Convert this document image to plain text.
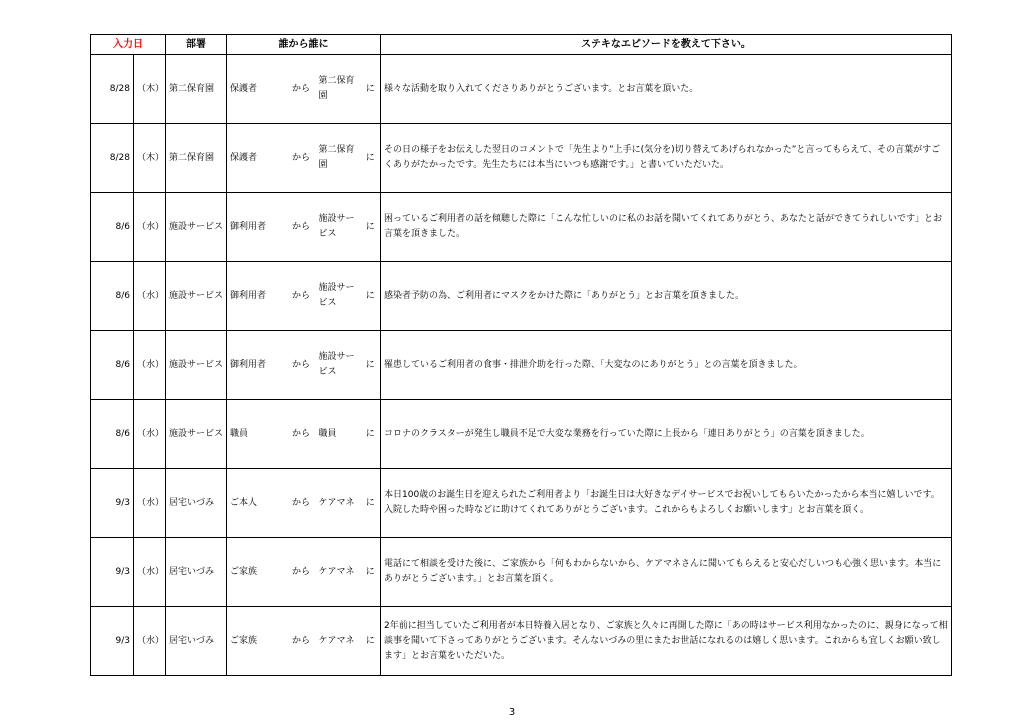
入力日		部署	誰から誰に				ステキなエピソードを教えて下さい。
8/28	（木）	第二保育園	保護者	から	第二保育園	に	様々な活動を取り入れてくださりありがとうございます。とお言葉を頂いた。
8/28	（木）	第二保育園	保護者	から	第二保育園	に	その日の様子をお伝えした翌日のコメントで「先生より”上手に(気分を)切り替えてあげられなかった”と言ってもらえて、その言葉がすごくありがたかったです。先生たちには本当にいつも感謝です。」と書いていただいた。
8/6	（水）	施設サービス	御利用者	から	施設サービス	に	困っているご利用者の話を傾聴した際に「こんな忙しいのに私のお話を聞いてくれてありがとう、あなたと話ができてうれしいです」とお言葉を頂きました。
8/6	（水）	施設サービス	御利用者	から	施設サービス	に	感染者予防の為、ご利用者にマスクをかけた際に「ありがとう」とお言葉を頂きました。
8/6	（水）	施設サービス	御利用者	から	施設サービス	に	罹患しているご利用者の食事・排泄介助を行った際、「大変なのにありがとう」との言葉を頂きました。
8/6	（水）	施設サービス	職員	から	職員	に	コロナのクラスターが発生し職員不足で大変な業務を行っていた際に上長から「連日ありがとう」の言葉を頂きました。
9/3	（水）	居宅いづみ	ご本人	から	ケアマネ	に	本日100歳のお誕生日を迎えられたご利用者より「お誕生日は大好きなデイサービスでお祝いしてもらいたかったから本当に嬉しいです。入院した時や困った時などに助けてくれてありがとうございます。これからもよろしくお願いします」とお言葉を頂く。
9/3	（水）	居宅いづみ	ご家族	から	ケアマネ	に	電話にて相談を受けた後に、ご家族から「何もわからないから、ケアマネさんに聞いてもらえると安心だしいつも心強く思います。本当にありがとうございます。」とお言葉を頂く。
9/3	（水）	居宅いづみ	ご家族	から	ケアマネ	に	2年前に担当していたご利用者が本日特養入居となり、ご家族と久々に再開した際に「あの時はサービス利用なかったのに、親身になって相談事を聞いて下さってありがとうございます。そんないづみの里にまたお世話になれるのは嬉しく思います。これからも宜しくお願い致します」とお言葉をいただいた。
3
